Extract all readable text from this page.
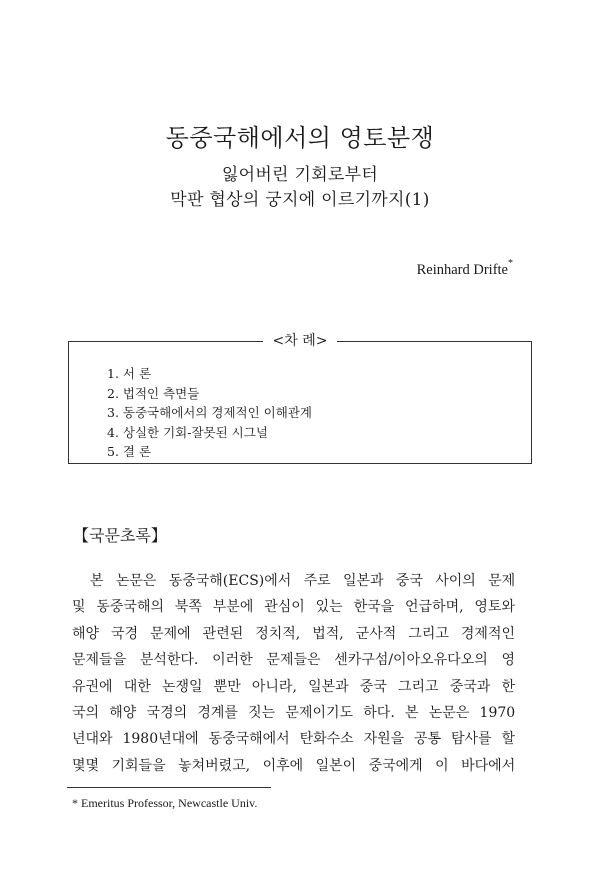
동중국해에서의 영토분쟁
잃어버린 기회로부터
막판 협상의 궁지에 이르기까지(1)
Reinhard Drifte*
<차 례>
1. 서 론
2. 법적인 측면들
3. 동중국해에서의 경제적인 이해관계
4. 상실한 기회-잘못된 시그널
5. 결 론
【국문초록】
본 논문은 동중국해(ECS)에서 주로 일본과 중국 사이의 문제
및 동중국해의 북쪽 부분에 관심이 있는 한국을 언급하며, 영토와
해양 국경 문제에 관련된 정치적, 법적, 군사적 그리고 경제적인
문제들을 분석한다. 이러한 문제들은 센카구섬/이아오유다오의 영
유권에 대한 논쟁일 뿐만 아니라, 일본과 중국 그리고 중국과 한
국의 해양 국경의 경계를 짓는 문제이기도 하다. 본 논문은 1970
년대와 1980년대에 동중국해에서 탄화수소 자원을 공통 탐사를 할
몇몇 기회들을 놓쳐버렸고, 이후에 일본이 중국에게 이 바다에서
* Emeritus Professor, Newcastle Univ.
